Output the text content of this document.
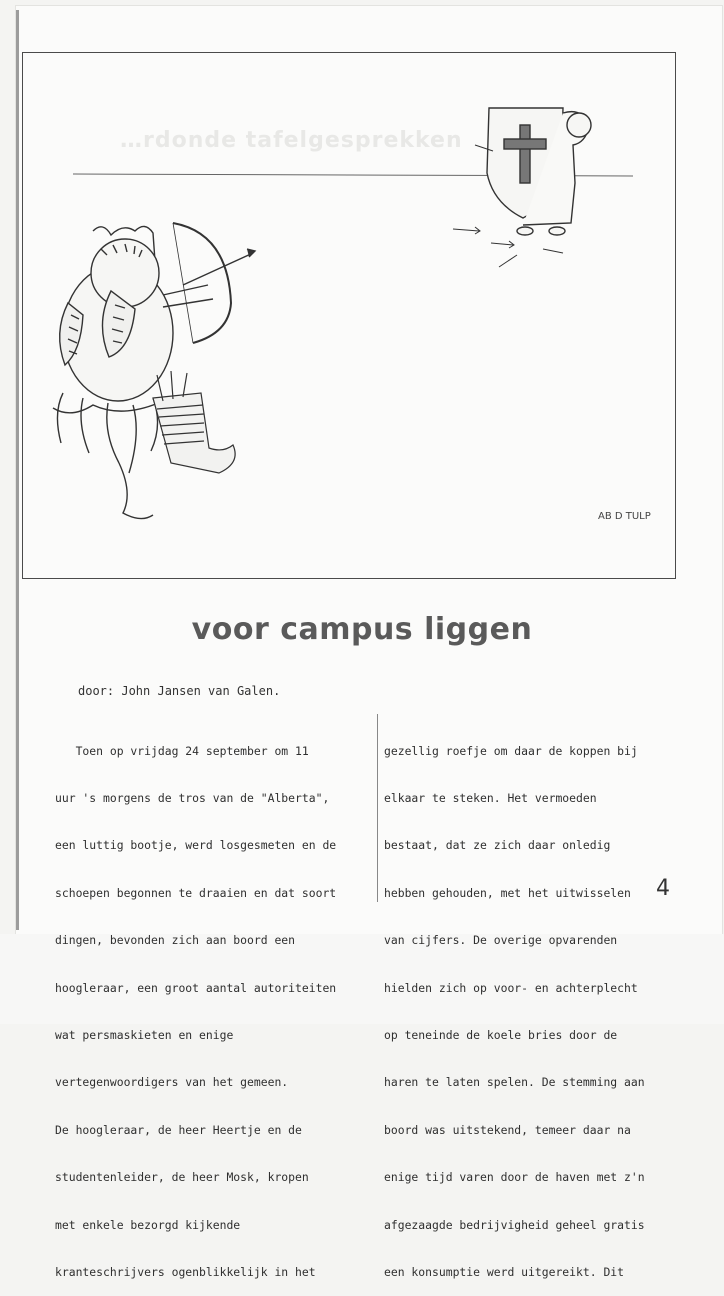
…rdonde tafelgesprekken
AB D TULP
voor campus liggen
door: John Jansen van Galen.

Toen op vrijdag 24 september om 11

uur 's morgens de tros van de "Alberta",

een luttig bootje, werd losgesmeten en de

schoepen begonnen te draaien en dat soort

dingen, bevonden zich aan boord een

hoogleraar, een groot aantal autoriteiten

wat persmaskieten en enige

vertegenwoordigers van het gemeen.

De hoogleraar, de heer Heertje en de

studentenleider, de heer Mosk, kropen

met enkele bezorgd kijkende

kranteschrijvers ogenblikkelijk in het

gezellig roefje om daar de koppen bij

elkaar te steken. Het vermoeden

bestaat, dat ze zich daar onledig

hebben gehouden, met het uitwisselen

van cijfers. De overige opvarenden

hielden zich op voor- en achterplecht

op teneinde de koele bries door de

haren te laten spelen. De stemming aan

boord was uitstekend, temeer daar na

enige tijd varen door de haven met z'n

afgezaagde bedrijvigheid geheel gratis

een konsumptie werd uitgereikt. Dit

4
